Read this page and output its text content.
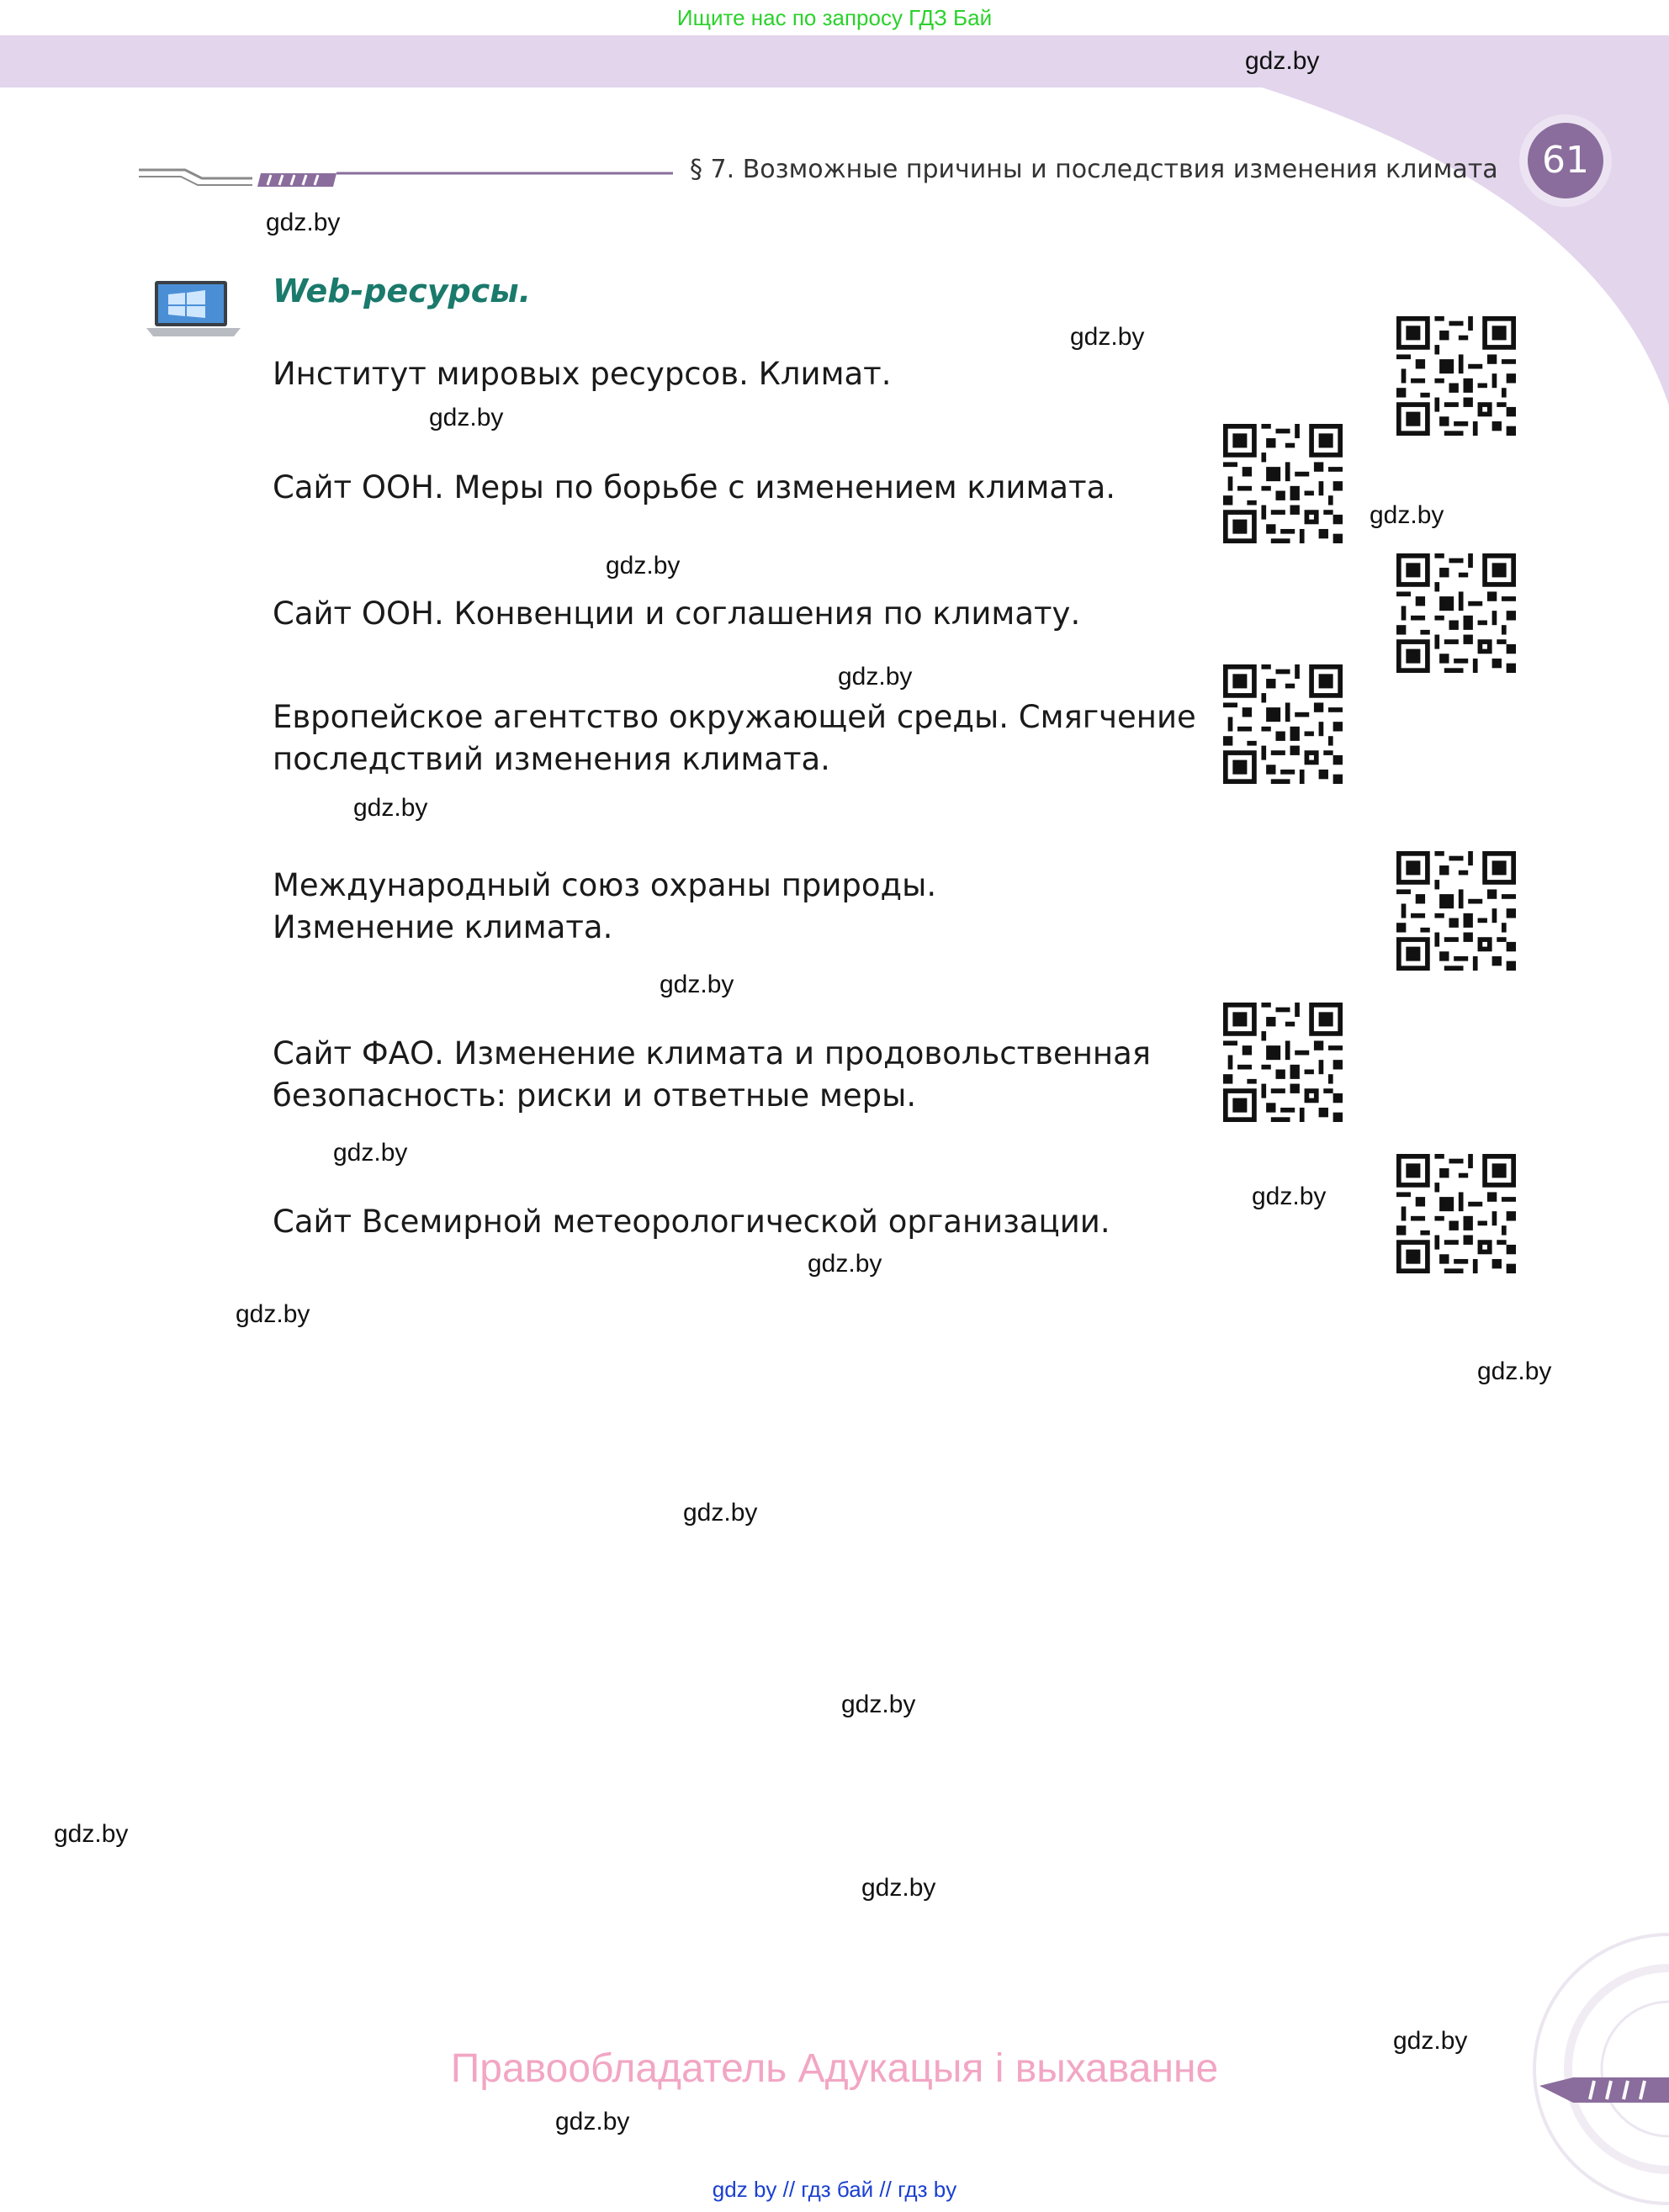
Ищите нас по запросу ГДЗ Бай
§ 7. Возможные причины и последствия изменения климата	61
Web-ресурсы.
Институт мировых ресурсов. Климат.
Сайт ООН. Меры по борьбе с изменением климата.
Сайт ООН. Конвенции и соглашения по климату.
Европейское агентство окружающей среды. Смягчение
последствий изменения климата.
Международный союз охраны природы.
Изменение климата.
Сайт ФАО. Изменение климата и продовольственная
безопасность: риски и ответные меры.
Сайт Всемирной метеорологической организации.
gdz.by
gdz.by
gdz.by
gdz.by
gdz.by
gdz.by
gdz.by
gdz.by
gdz.by
gdz.by
gdz.by
gdz.by
gdz.by
gdz.by
gdz.by
gdz.by
gdz.by
gdz.by
gdz.by
gdz.by
Правообладатель Адукацыя і выхаванне
gdz by // гдз бай // гдз by
